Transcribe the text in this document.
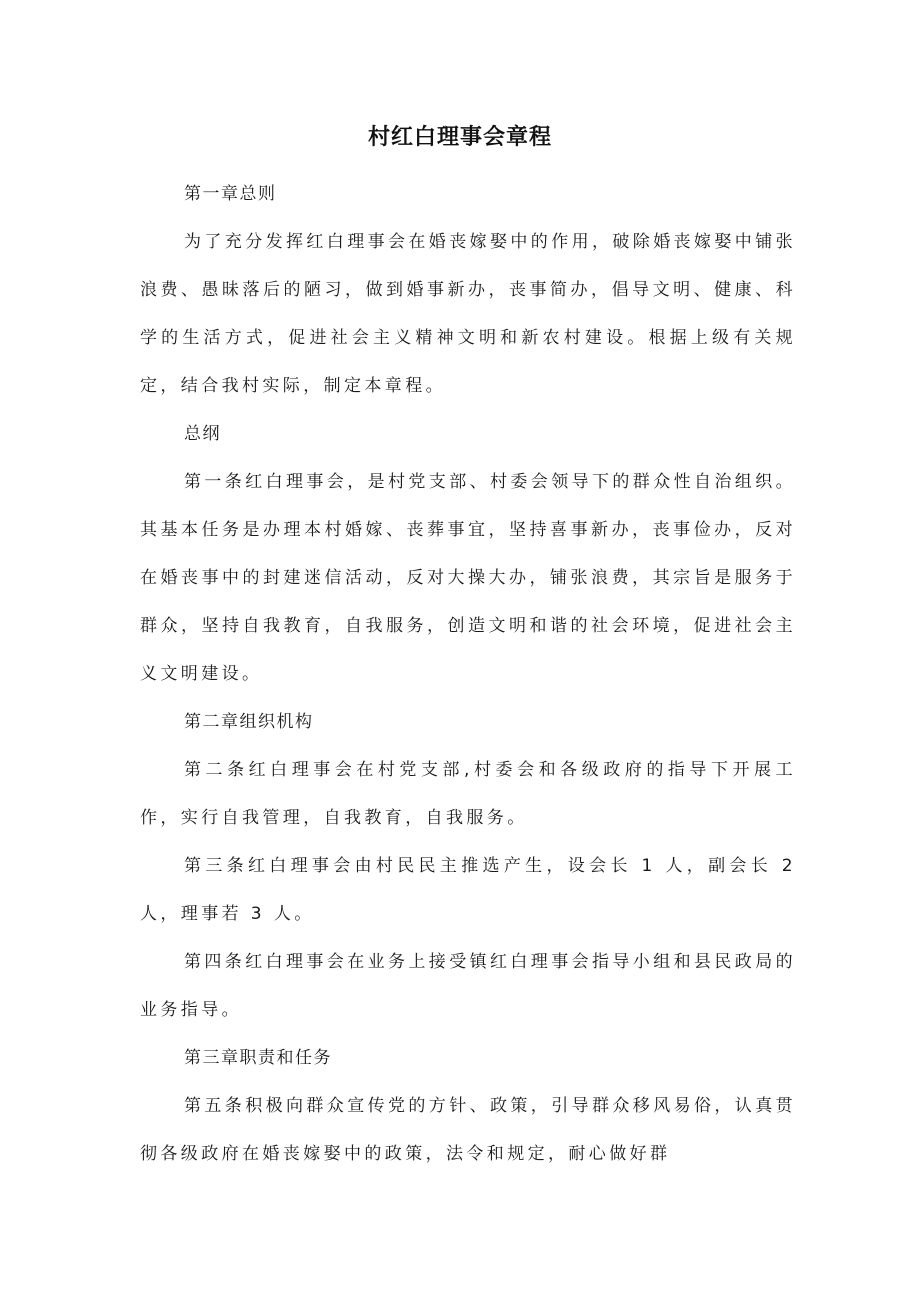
村红白理事会章程

第一章总则

为了充分发挥红白理事会在婚丧嫁娶中的作用，破除婚丧嫁娶中铺张浪费、愚昧落后的陋习，做到婚事新办，丧事简办，倡导文明、健康、科学的生活方式，促进社会主义精神文明和新农村建设。根据上级有关规定，结合我村实际，制定本章程。

总纲

第一条红白理事会，是村党支部、村委会领导下的群众性自治组织。其基本任务是办理本村婚嫁、丧葬事宜，坚持喜事新办，丧事俭办，反对在婚丧事中的封建迷信活动，反对大操大办，铺张浪费，其宗旨是服务于群众，坚持自我教育，自我服务，创造文明和谐的社会环境，促进社会主义文明建设。

第二章组织机构

第二条红白理事会在村党支部,村委会和各级政府的指导下开展工作，实行自我管理，自我教育，自我服务。

第三条红白理事会由村民民主推选产生，设会长 1 人，副会长 2 人，理事若 3 人。

第四条红白理事会在业务上接受镇红白理事会指导小组和县民政局的业务指导。

第三章职责和任务

第五条积极向群众宣传党的方针、政策，引导群众移风易俗，认真贯彻各级政府在婚丧嫁娶中的政策，法令和规定，耐心做好群
